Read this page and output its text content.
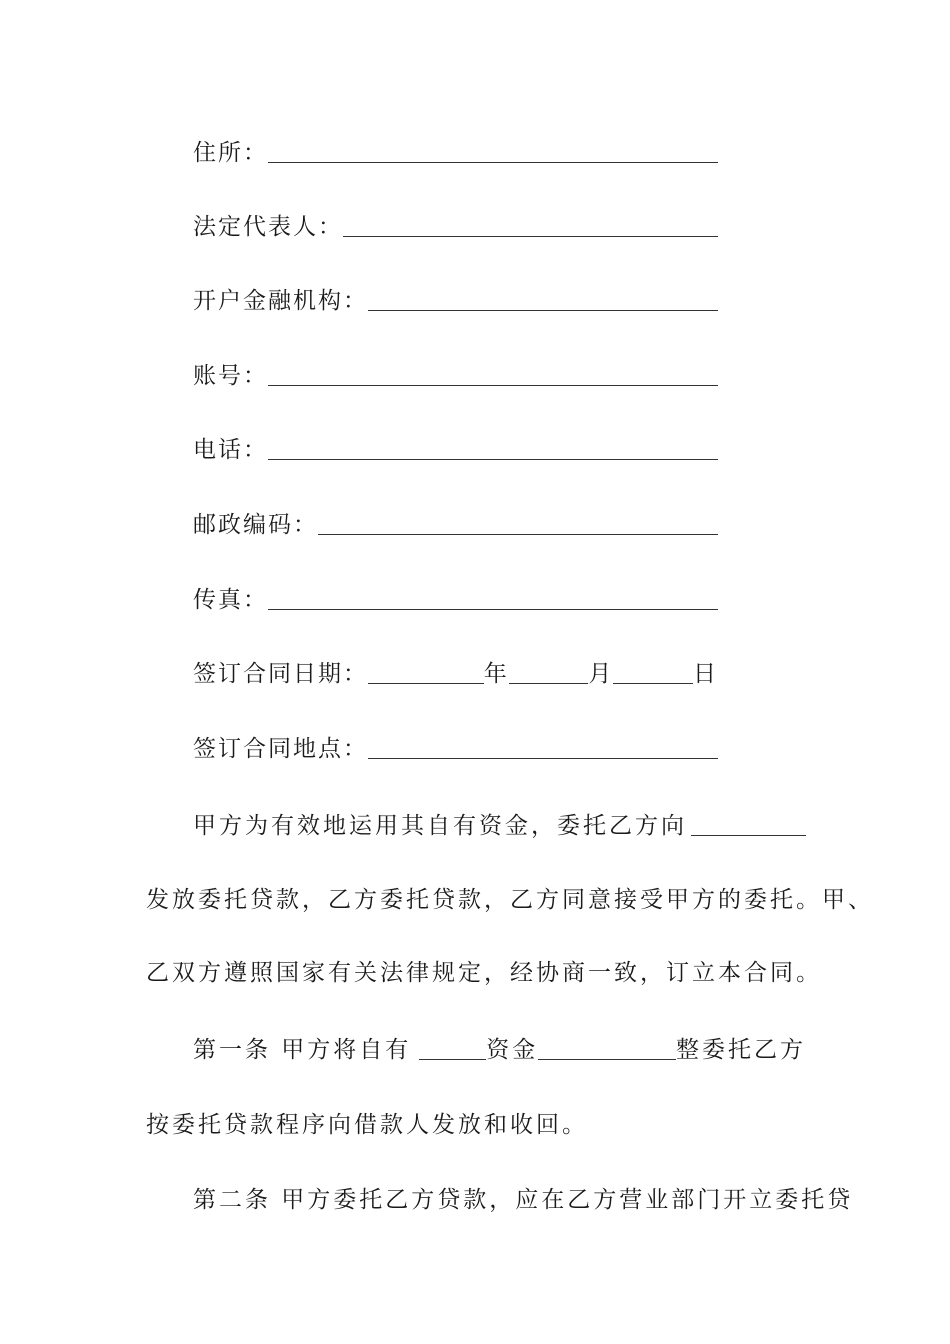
住所：
法定代表人：
开户金融机构：
账号：
电话：
邮政编码：
传真：
签订合同日期：	年	月	日
签订合同地点：
甲方为有效地运用其自有资金，委托乙方向
发放委托贷款，乙方委托贷款，乙方同意接受甲方的委托。甲、
乙双方遵照国家有关法律规定，经协商一致，订立本合同。
第一条 甲方将自有	资金	整委托乙方
按委托贷款程序向借款人发放和收回。
第二条 甲方委托乙方贷款，应在乙方营业部门开立委托贷
